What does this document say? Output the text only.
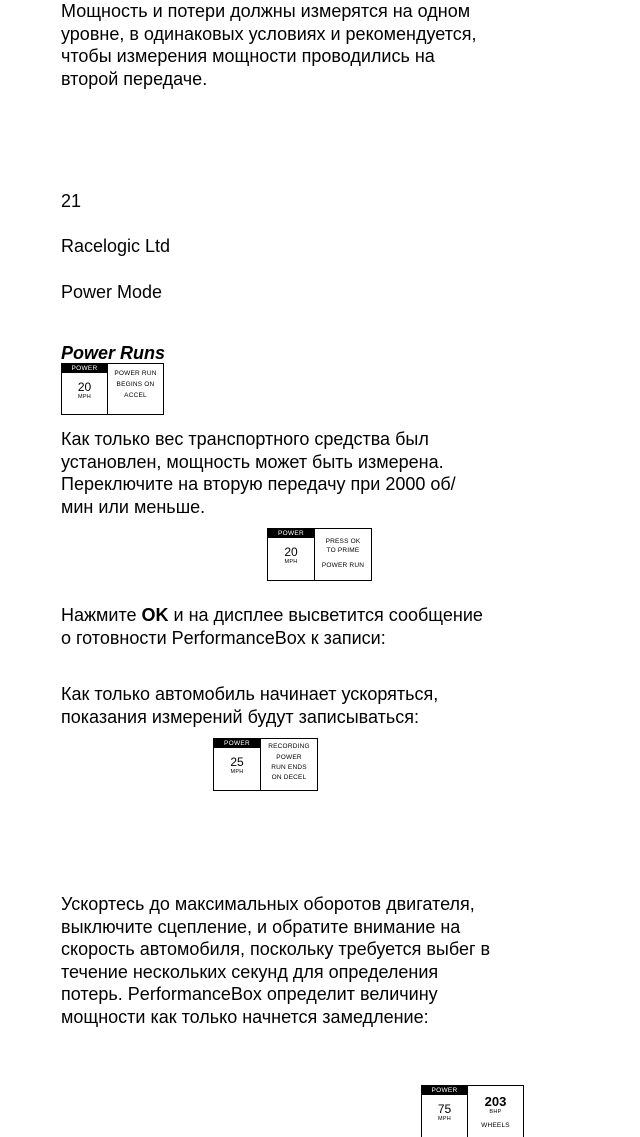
Мощность и потери должны измерятся на одном
уровне, в одинаковых условиях и рекомендуется,
чтобы измерения мощности проводились на
второй передаче.
21
Racelogic Ltd
Power Mode
Power Runs
POWER
20
MPH
POWER RUN
BEGINS ON
ACCEL
Как только вес транспортного средства был
установлен, мощность может быть измерена.
Переключите на вторую передачу при 2000 об/
мин или меньше.
POWER
20
MPH
PRESS OK
TO PRIME
POWER RUN
Нажмите OK и на дисплее высветится сообщение
о готовности PerformanceBox к записи:
Как только автомобиль начинает ускоряться,
показания измерений будут записываться:
POWER
25
MPH
RECORDING
POWER
RUN ENDS
ON DECEL
Ускортесь до максимальных оборотов двигателя,
выключите сцепление, и обратите внимание на
скорость автомобиля, поскольку требуется выбег в
течение нескольких секунд для определения
потерь. PerformanceBox определит величину
мощности как только начнется замедление:
POWER
75
MPH
203
BHP
WHEELS
